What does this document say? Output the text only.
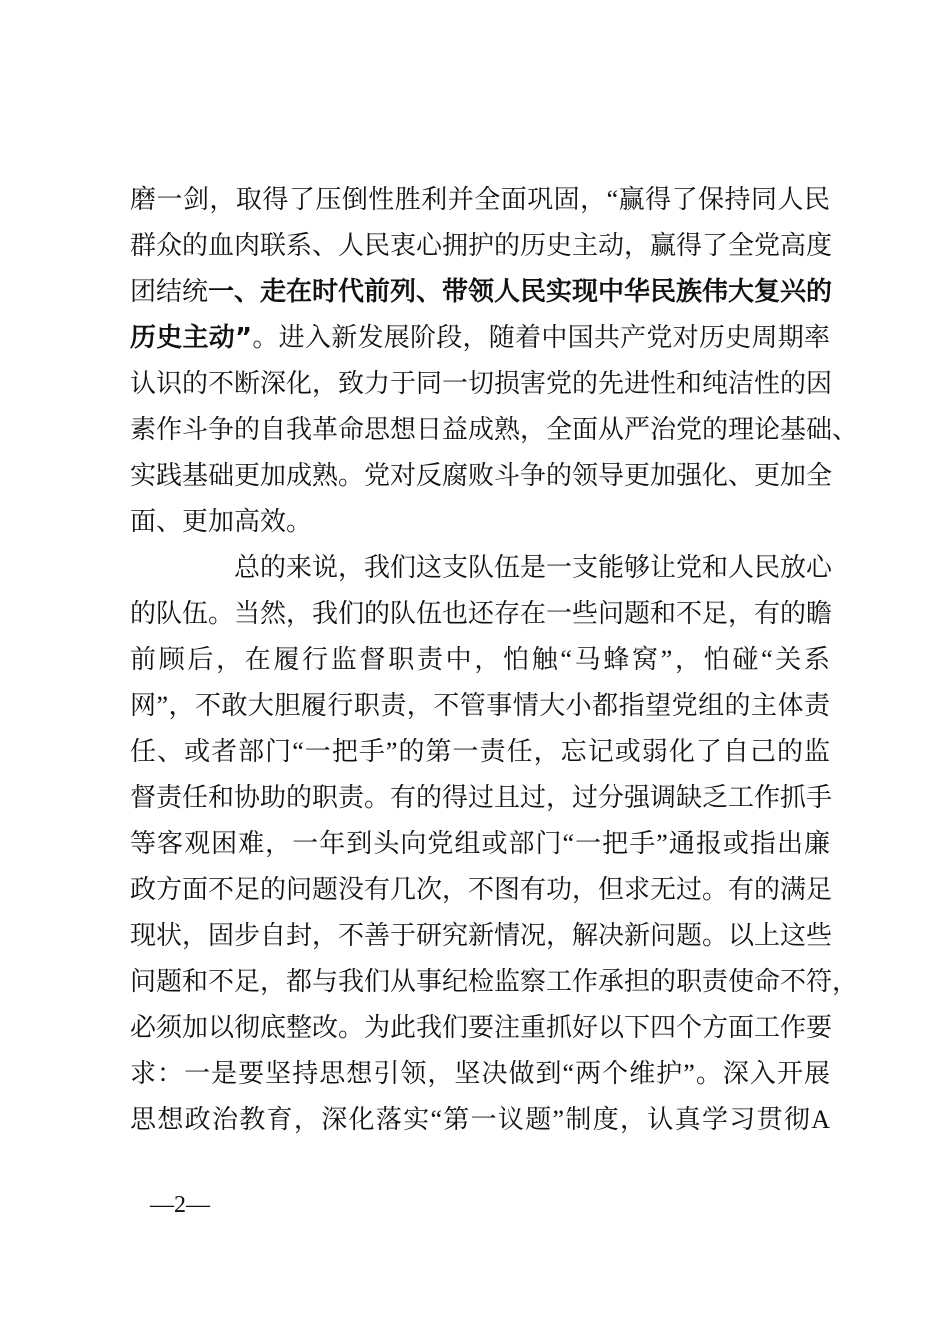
磨一剑，取得了压倒性胜利并全面巩固，“赢得了保持同人民
群众的血肉联系、人民衷心拥护的历史主动，赢得了全党高度
团结统一、走在时代前列、带领人民实现中华民族伟大复兴的
历史主动”。进入新发展阶段，随着中国共产党对历史周期率
认识的不断深化，致力于同一切损害党的先进性和纯洁性的因
素作斗争的自我革命思想日益成熟，全面从严治党的理论基础、
实践基础更加成熟。党对反腐败斗争的领导更加强化、更加全
面、更加高效。
总的来说，我们这支队伍是一支能够让党和人民放心
的队伍。当然，我们的队伍也还存在一些问题和不足，有的瞻
前顾后，在履行监督职责中，怕触“马蜂窝”，怕碰“关系
网”，不敢大胆履行职责，不管事情大小都指望党组的主体责
任、或者部门“一把手”的第一责任，忘记或弱化了自己的监
督责任和协助的职责。有的得过且过，过分强调缺乏工作抓手
等客观困难，一年到头向党组或部门“一把手”通报或指出廉
政方面不足的问题没有几次，不图有功，但求无过。有的满足
现状，固步自封，不善于研究新情况，解决新问题。以上这些
问题和不足，都与我们从事纪检监察工作承担的职责使命不符，
必须加以彻底整改。为此我们要注重抓好以下四个方面工作要
求：一是要坚持思想引领，坚决做到“两个维护”。深入开展
思想政治教育，深化落实“第一议题”制度，认真学习贯彻A
—2—
